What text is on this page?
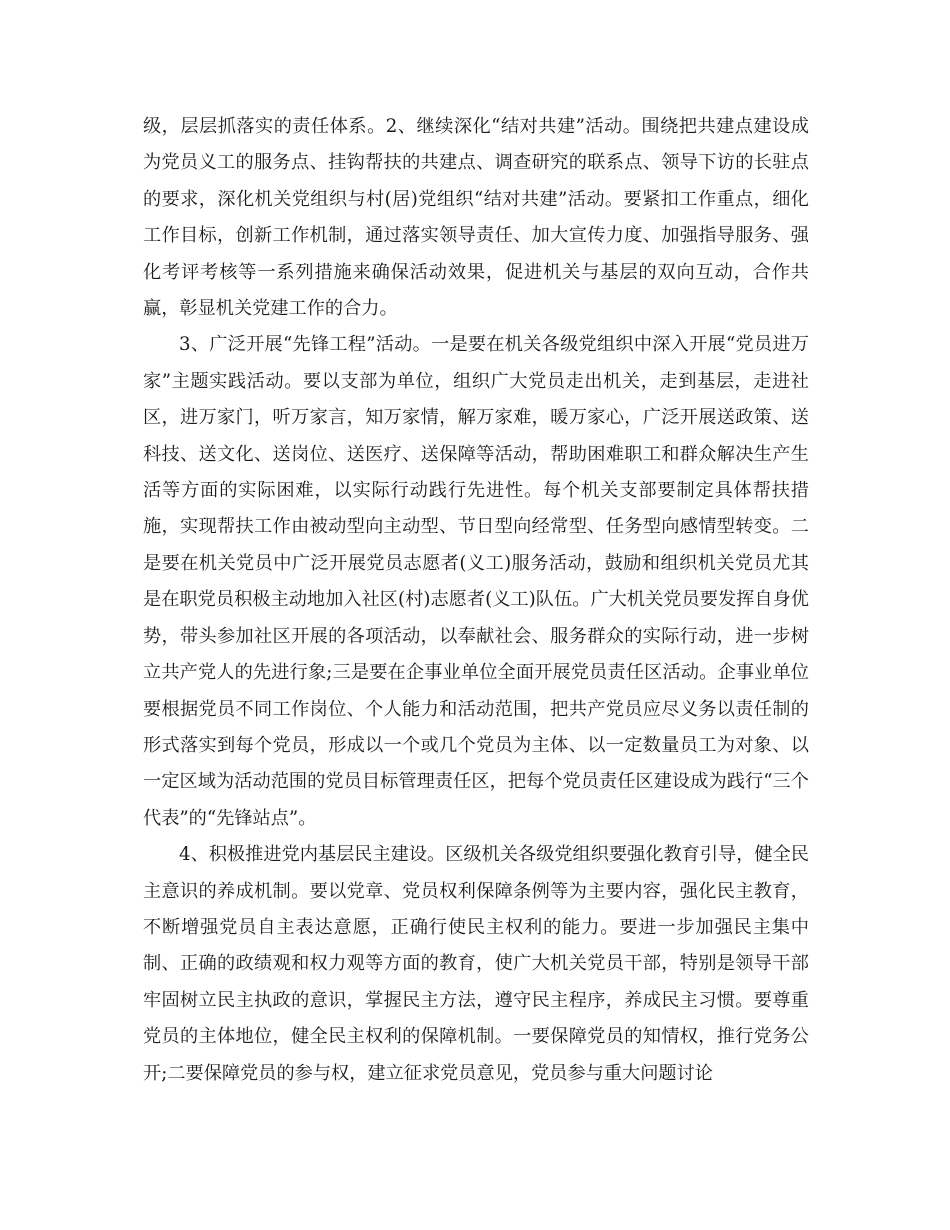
级，层层抓落实的责任体系。2、继续深化“结对共建”活动。围绕把共建点建设成为党员义工的服务点、挂钩帮扶的共建点、调查研究的联系点、领导下访的长驻点的要求，深化机关党组织与村(居)党组织“结对共建”活动。要紧扣工作重点，细化工作目标，创新工作机制，通过落实领导责任、加大宣传力度、加强指导服务、强化考评考核等一系列措施来确保活动效果，促进机关与基层的双向互动，合作共赢，彰显机关党建工作的合力。

3、广泛开展“先锋工程”活动。一是要在机关各级党组织中深入开展“党员进万家”主题实践活动。要以支部为单位，组织广大党员走出机关，走到基层，走进社区，进万家门，听万家言，知万家情，解万家难，暖万家心，广泛开展送政策、送科技、送文化、送岗位、送医疗、送保障等活动，帮助困难职工和群众解决生产生活等方面的实际困难，以实际行动践行先进性。每个机关支部要制定具体帮扶措施，实现帮扶工作由被动型向主动型、节日型向经常型、任务型向感情型转变。二是要在机关党员中广泛开展党员志愿者(义工)服务活动，鼓励和组织机关党员尤其是在职党员积极主动地加入社区(村)志愿者(义工)队伍。广大机关党员要发挥自身优势，带头参加社区开展的各项活动，以奉献社会、服务群众的实际行动，进一步树立共产党人的先进行象;三是要在企事业单位全面开展党员责任区活动。企事业单位要根据党员不同工作岗位、个人能力和活动范围，把共产党员应尽义务以责任制的形式落实到每个党员，形成以一个或几个党员为主体、以一定数量员工为对象、以一定区域为活动范围的党员目标管理责任区，把每个党员责任区建设成为践行“三个代表”的“先锋站点”。

4、积极推进党内基层民主建设。区级机关各级党组织要强化教育引导，健全民主意识的养成机制。要以党章、党员权利保障条例等为主要内容，强化民主教育，不断增强党员自主表达意愿，正确行使民主权利的能力。要进一步加强民主集中制、正确的政绩观和权力观等方面的教育，使广大机关党员干部，特别是领导干部牢固树立民主执政的意识，掌握民主方法，遵守民主程序，养成民主习惯。要尊重党员的主体地位，健全民主权利的保障机制。一要保障党员的知情权，推行党务公开;二要保障党员的参与权，建立征求党员意见，党员参与重大问题讨论
